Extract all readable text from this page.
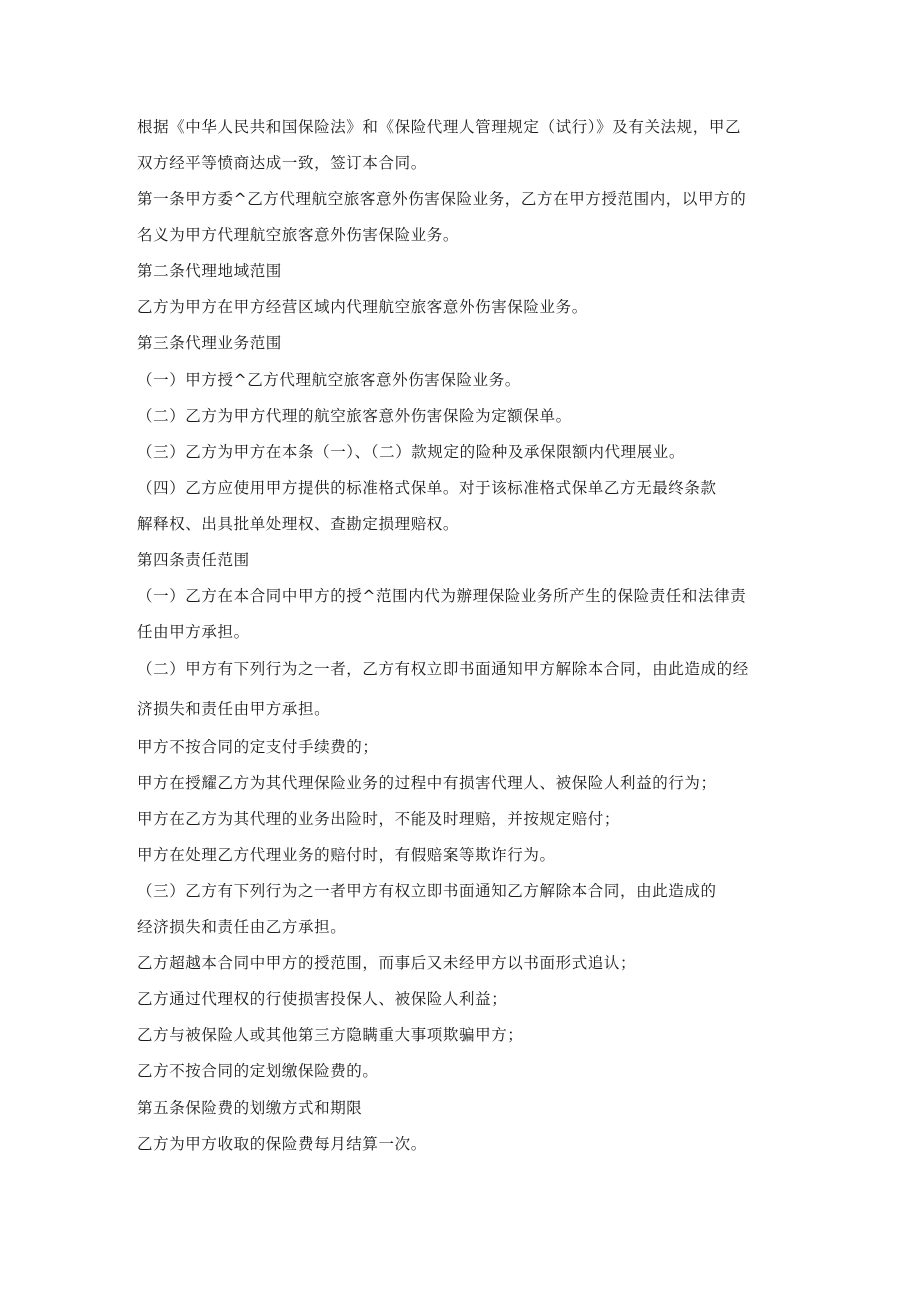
根据《中华人民共和国保险法》和《保险代理人管理规定（试行）》及有关法规，甲乙
双方经平等愤商达成一致，签订本合同。
第一条甲方委^乙方代理航空旅客意外伤害保险业务，乙方在甲方授范围内，以甲方的
名义为甲方代理航空旅客意外伤害保险业务。
第二条代理地域范围
乙方为甲方在甲方经营区域内代理航空旅客意外伤害保险业务。
第三条代理业务范围
（一）甲方授^乙方代理航空旅客意外伤害保险业务。
（二）乙方为甲方代理的航空旅客意外伤害保险为定额保单。
（三）乙方为甲方在本条（一）、（二）款规定的险种及承保限额内代理展业。
（四）乙方应使用甲方提供的标准格式保单。对于该标准格式保单乙方无最终条款
解释权、出具批单处理权、查勘定损理赔权。
第四条责任范围
（一）乙方在本合同中甲方的授^范围内代为辦理保险业务所产生的保险责任和法律责
任由甲方承担。
（二）甲方有下列行为之一者，乙方有权立即书面通知甲方解除本合同，由此造成的经
济损失和责任由甲方承担。
甲方不按合同的定支付手续费的；
甲方在授耀乙方为其代理保险业务的过程中有损害代理人、被保险人利益的行为；
甲方在乙方为其代理的业务出险时，不能及时理赔，并按规定赔付；
甲方在处理乙方代理业务的赔付时，有假赔案等欺诈行为。
（三）乙方有下列行为之一者甲方有权立即书面通知乙方解除本合同，由此造成的
经济损失和责任由乙方承担。
乙方超越本合同中甲方的授范围，而事后又未经甲方以书面形式追认；
乙方通过代理权的行使损害投保人、被保险人利益；
乙方与被保险人或其他第三方隐瞒重大事项欺骗甲方；
乙方不按合同的定划缴保险费的。
第五条保险费的划缴方式和期限
乙方为甲方收取的保险费每月结算一次。
